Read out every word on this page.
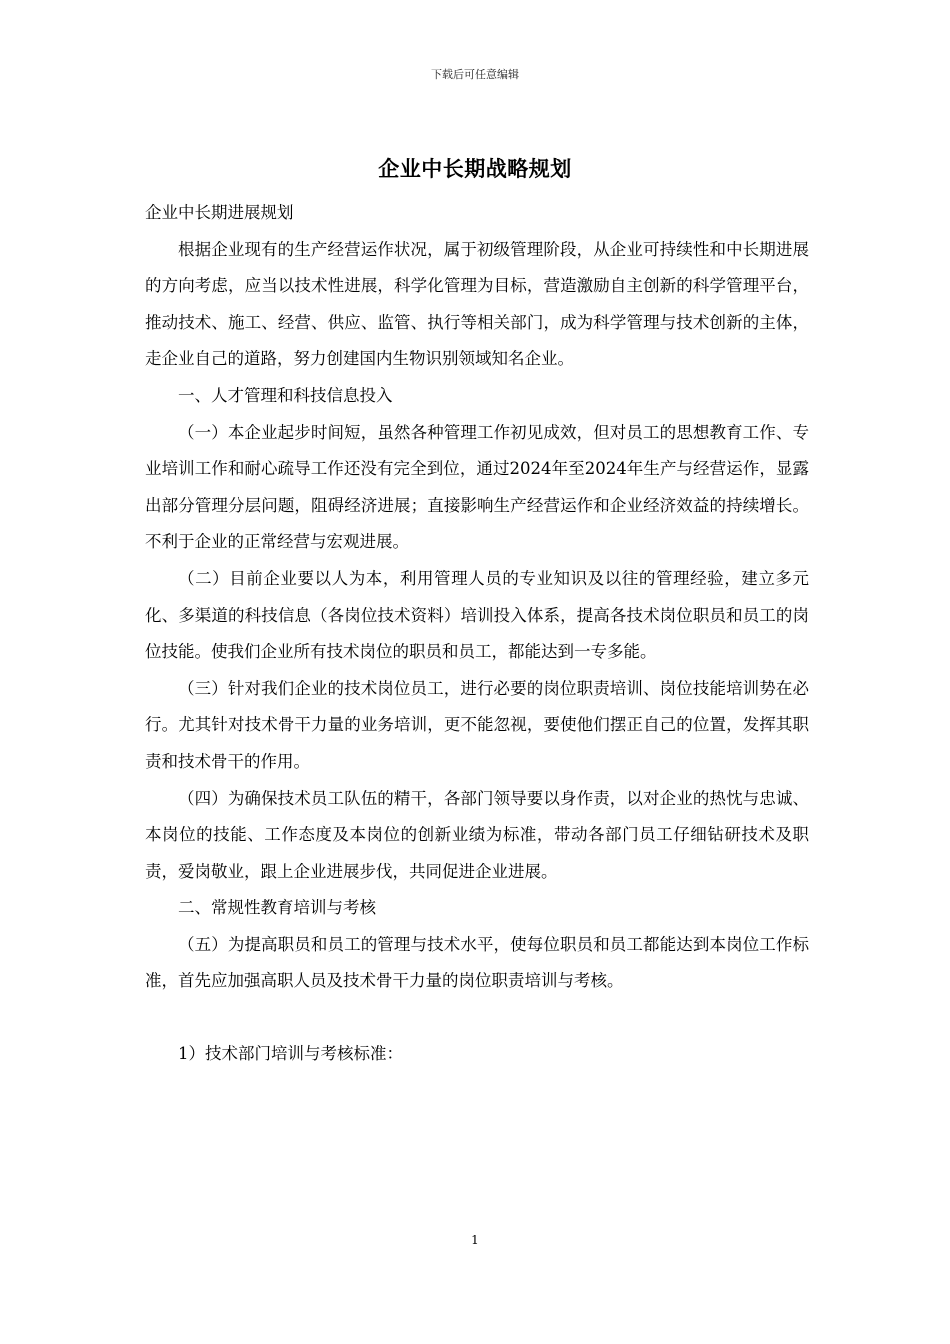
下载后可任意编辑
企业中长期战略规划

企业中长期进展规划

根据企业现有的生产经营运作状况，属于初级管理阶段，从企业可持续性和中长期进展的方向考虑，应当以技术性进展，科学化管理为目标，营造激励自主创新的科学管理平台，推动技术、施工、经营、供应、监管、执行等相关部门，成为科学管理与技术创新的主体，走企业自己的道路，努力创建国内生物识别领域知名企业。

一、人才管理和科技信息投入

（一）本企业起步时间短，虽然各种管理工作初见成效，但对员工的思想教育工作、专业培训工作和耐心疏导工作还没有完全到位，通过2024年至2024年生产与经营运作，显露出部分管理分层问题，阻碍经济进展；直接影响生产经营运作和企业经济效益的持续增长。不利于企业的正常经营与宏观进展。

（二）目前企业要以人为本，利用管理人员的专业知识及以往的管理经验，建立多元化、多渠道的科技信息（各岗位技术资料）培训投入体系，提高各技术岗位职员和员工的岗位技能。使我们企业所有技术岗位的职员和员工，都能达到一专多能。

（三）针对我们企业的技术岗位员工，进行必要的岗位职责培训、岗位技能培训势在必行。尤其针对技术骨干力量的业务培训，更不能忽视，要使他们摆正自己的位置，发挥其职责和技术骨干的作用。

（四）为确保技术员工队伍的精干，各部门领导要以身作责，以对企业的热忱与忠诚、本岗位的技能、工作态度及本岗位的创新业绩为标准，带动各部门员工仔细钻研技术及职责，爱岗敬业，跟上企业进展步伐，共同促进企业进展。

二、常规性教育培训与考核

（五）为提高职员和员工的管理与技术水平，使每位职员和员工都能达到本岗位工作标准，首先应加强高职人员及技术骨干力量的岗位职责培训与考核。

1）技术部门培训与考核标准：

1
